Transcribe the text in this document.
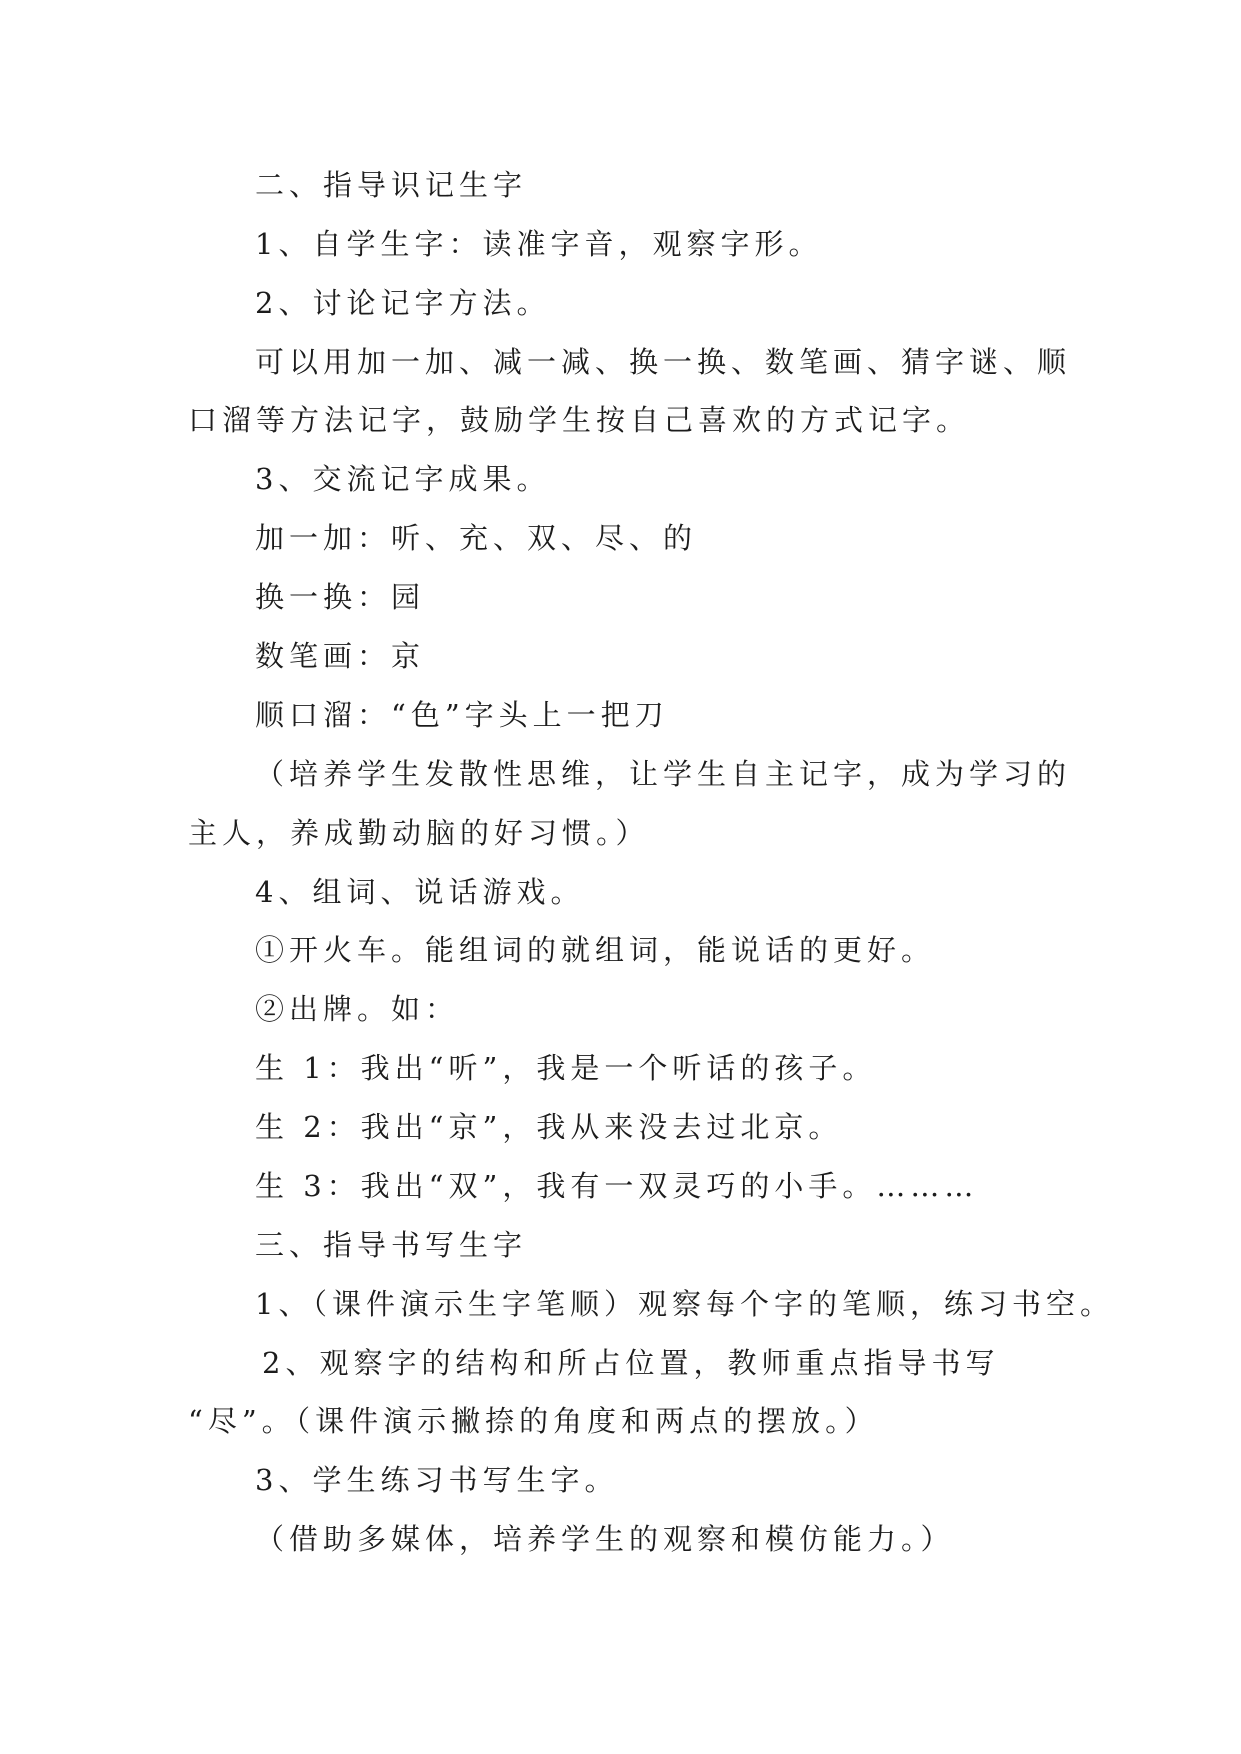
二、指导识记生字
1、自学生字：读准字音，观察字形。
2、讨论记字方法。
可以用加一加、减一减、换一换、数笔画、猜字谜、顺
口溜等方法记字，鼓励学生按自己喜欢的方式记字。
3、交流记字成果。
加一加：听、充、双、尽、的
换一换：园
数笔画：京
顺口溜：“色”字头上一把刀
（培养学生发散性思维，让学生自主记字，成为学习的
主人，养成勤动脑的好习惯。）
4、组词、说话游戏。
①开火车。能组词的就组词，能说话的更好。
②出牌。如：
生 1：我出“听”，我是一个听话的孩子。
生 2：我出“京”，我从来没去过北京。
生 3：我出“双”，我有一双灵巧的小手。………
三、指导书写生字
1、（课件演示生字笔顺）观察每个字的笔顺，练习书空。
2、观察字的结构和所占位置，教师重点指导书写
“尽”。（课件演示撇捺的角度和两点的摆放。）
3、学生练习书写生字。
（借助多媒体，培养学生的观察和模仿能力。）
